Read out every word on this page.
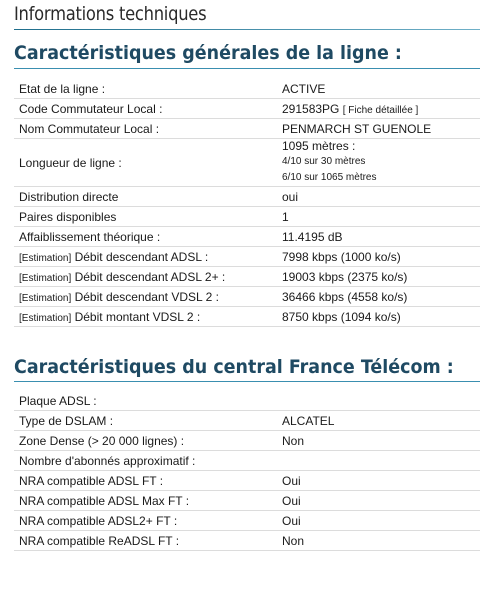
Informations techniques
Caractéristiques générales de la ligne :
Etat de la ligne :	ACTIVE
Code Commutateur Local :	291583PG [ Fiche détaillée ]
Nom Commutateur Local :	PENMARCH ST GUENOLE
Longueur de ligne :	1095 mètres :
4/10 sur 30 mètres
6/10 sur 1065 mètres

Distribution directe	oui
Paires disponibles	1
Affaiblissement théorique :	11.4195 dB
[Estimation] Débit descendant ADSL :	7998 kbps (1000 ko/s)
[Estimation] Débit descendant ADSL 2+ :	19003 kbps (2375 ko/s)
[Estimation] Débit descendant VDSL 2 :	36466 kbps (4558 ko/s)
[Estimation] Débit montant VDSL 2 :	8750 kbps (1094 ko/s)
Caractéristiques du central France Télécom :
Plaque ADSL :	
Type de DSLAM :	ALCATEL
Zone Dense (> 20 000 lignes) :	Non
Nombre d'abonnés approximatif :	
NRA compatible ADSL FT :	Oui
NRA compatible ADSL Max FT :	Oui
NRA compatible ADSL2+ FT :	Oui
NRA compatible ReADSL FT :	Non
